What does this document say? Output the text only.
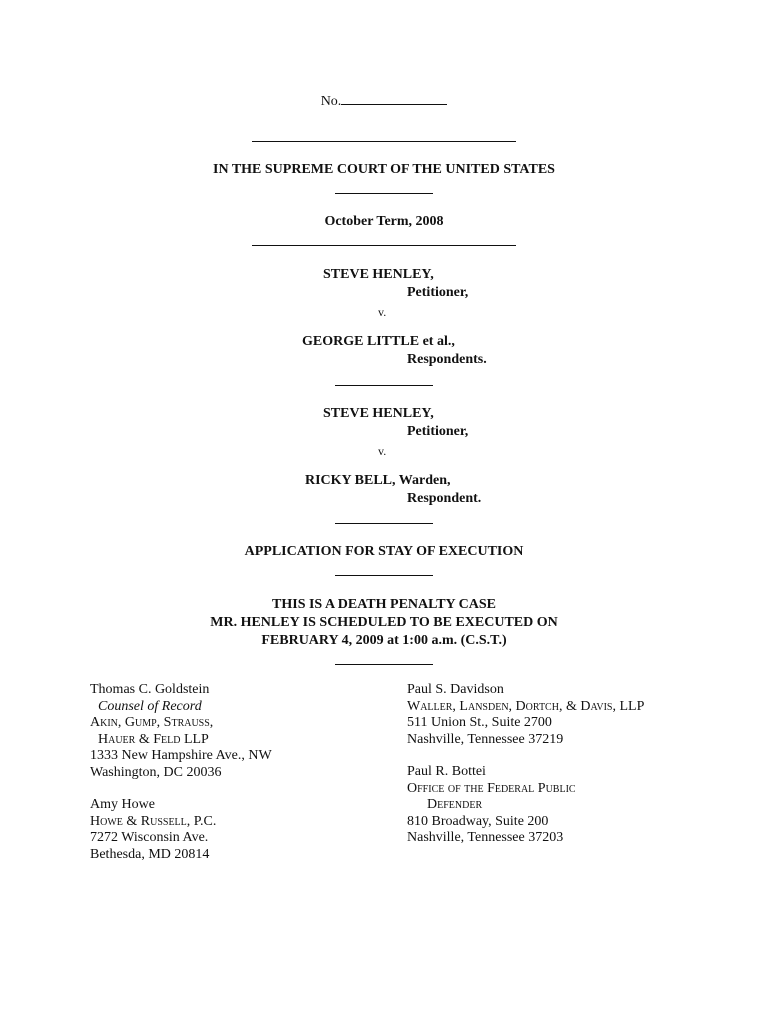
No.
IN THE SUPREME COURT OF THE UNITED STATES
October Term, 2008
STEVE HENLEY,
Petitioner,
v.
GEORGE LITTLE et al.,
Respondents.
STEVE HENLEY,
Petitioner,
v.
RICKY BELL, Warden,
Respondent.
APPLICATION FOR STAY OF EXECUTION
THIS IS A DEATH PENALTY CASE
MR. HENLEY IS SCHEDULED TO BE EXECUTED ON
FEBRUARY 4, 2009 at 1:00 a.m. (C.S.T.)
Thomas C. Goldstein
Counsel of Record
Akin, Gump, Strauss,
Hauer & Feld LLP
1333 New Hampshire Ave., NW
Washington, DC 20036
Amy Howe
Howe & Russell, P.C.
7272 Wisconsin Ave.
Bethesda, MD 20814
Paul S. Davidson
Waller, Lansden, Dortch, & Davis, LLP
511 Union St., Suite 2700
Nashville, Tennessee 37219
Paul R. Bottei
Office of the Federal Public
Defender
810 Broadway, Suite 200
Nashville, Tennessee 37203
